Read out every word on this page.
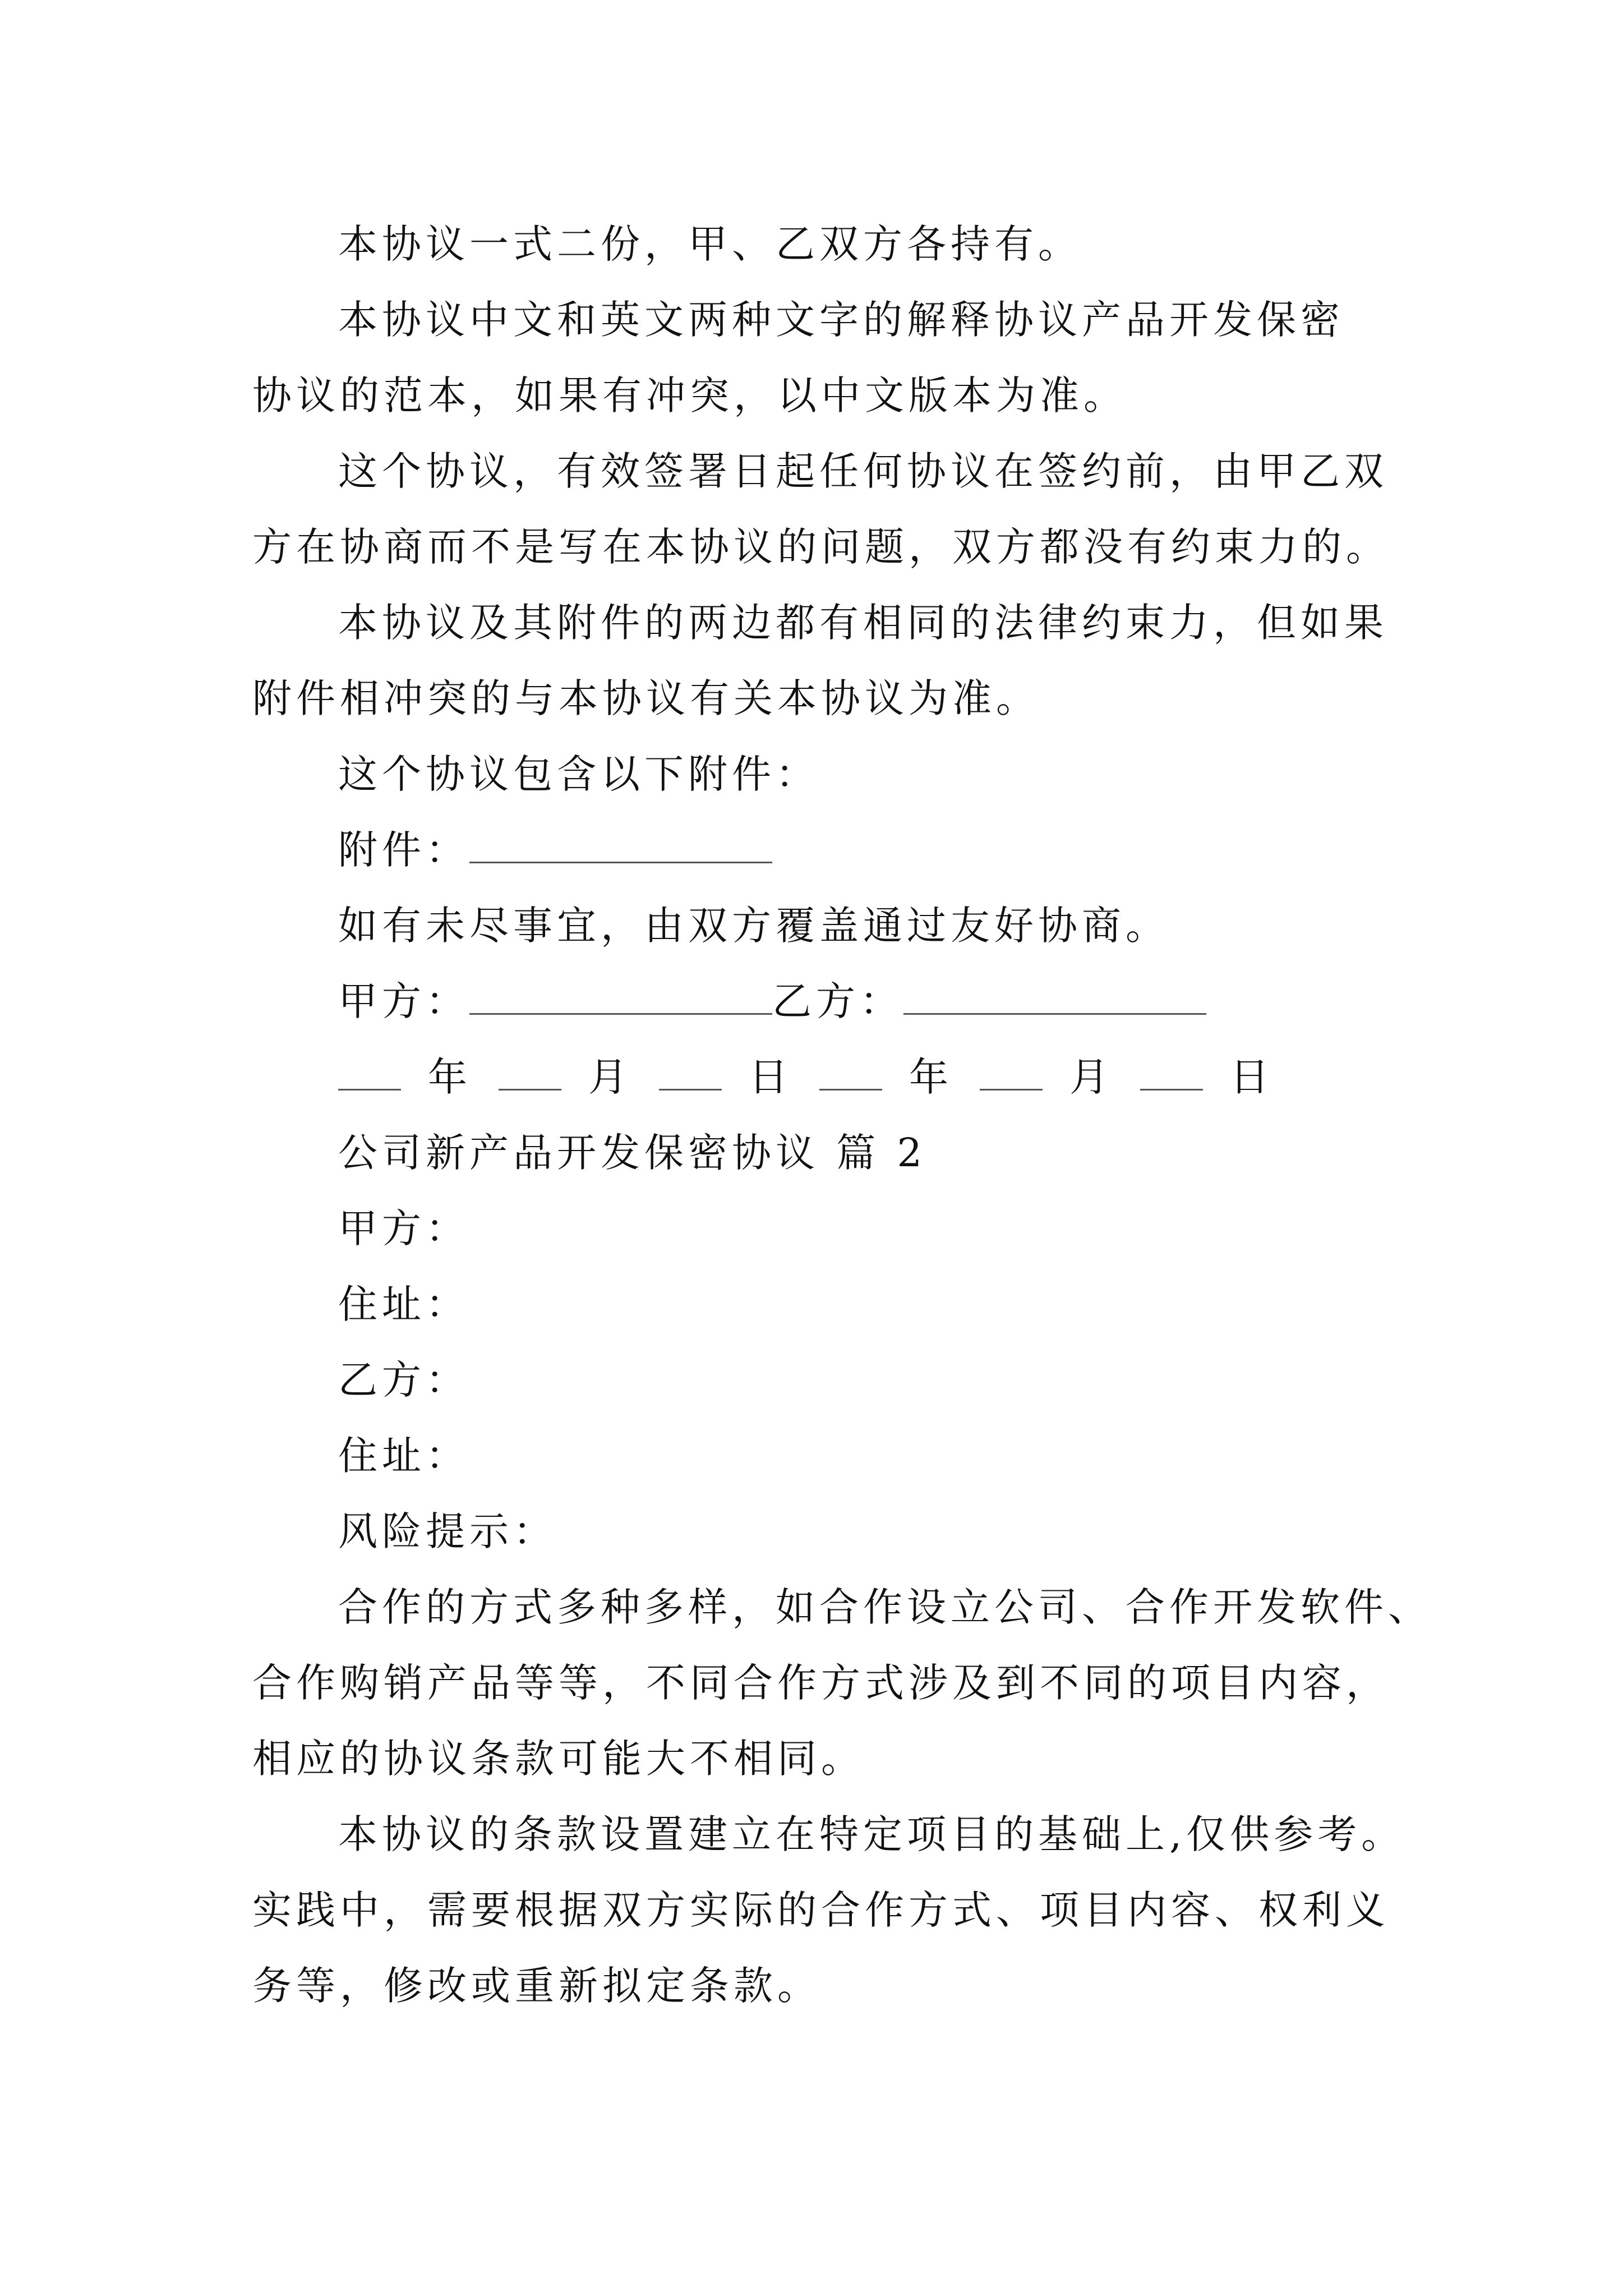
本协议一式二份，甲、乙双方各持有。
本协议中文和英文两种文字的解释协议产品开发保密
协议的范本，如果有冲突，以中文版本为准。
这个协议，有效签署日起任何协议在签约前，由甲乙双
方在协商而不是写在本协议的问题，双方都没有约束力的。
本协议及其附件的两边都有相同的法律约束力，但如果
附件相冲突的与本协议有关本协议为准。
这个协议包含以下附件：
附件：
如有未尽事宜，由双方覆盖通过友好协商。
甲方：	乙方：
年	月	日	年	月	日
公司新产品开发保密协议 篇 2
甲方：
住址：
乙方：
住址：
风险提示：
合作的方式多种多样，如合作设立公司、合作开发软件、
合作购销产品等等，不同合作方式涉及到不同的项目内容，
相应的协议条款可能大不相同。
本协议的条款设置建立在特定项目的基础上,仅供参考。
实践中，需要根据双方实际的合作方式、项目内容、权利义
务等，修改或重新拟定条款。
